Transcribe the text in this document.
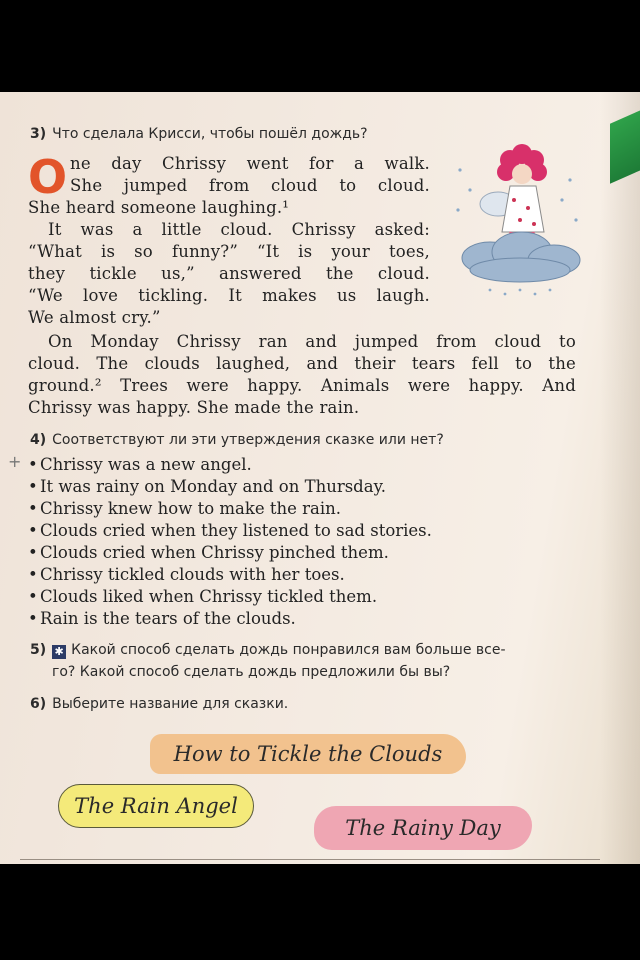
3) Что сделала Крисси, чтобы пошёл дождь?
O ne day Chrissy went for a walk.
She jumped from cloud to cloud.
She heard someone laughing.¹
It was a little cloud. Chrissy asked:
“What is so funny?” “It is your toes,
they tickle us,” answered the cloud.
“We love tickling. It makes us laugh.
We almost cry.”
On Monday Chrissy ran and jumped from cloud to
cloud. The clouds laughed, and their tears fell to the
ground.² Trees were happy. Animals were happy. And
Chrissy was happy. She made the rain.
4) Соответствуют ли эти утверждения сказке или нет?
+
• Chrissy was a new angel.
• It was rainy on Monday and on Thursday.
• Chrissy knew how to make the rain.
• Clouds cried when they listened to sad stories.
• Clouds cried when Chrissy pinched them.
• Chrissy tickled clouds with her toes.
• Clouds liked when Chrissy tickled them.
• Rain is the tears of the clouds.
5) ✱ Какой способ сделать дождь понравился вам больше все-
го? Какой способ сделать дождь предложили бы вы?
6) Выберите название для сказки.
How to Tickle the Clouds
The Rain Angel
The Rainy Day
